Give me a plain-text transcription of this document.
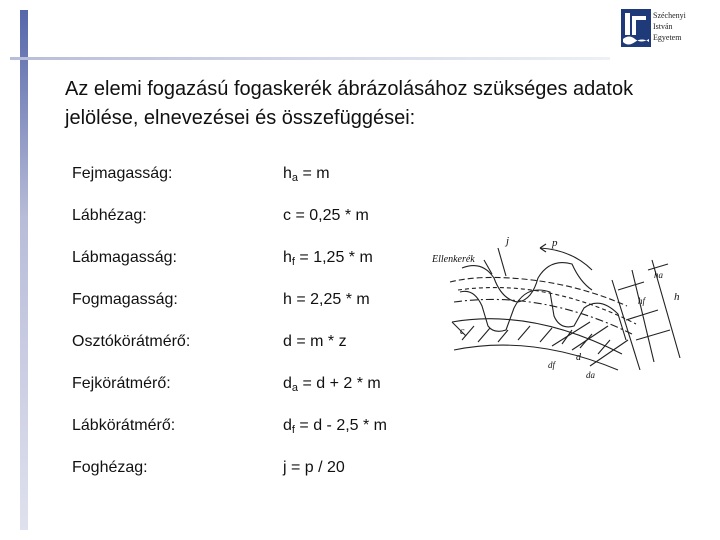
Széchenyi
István
Egyetem

Az elemi fogazású fogaskerék ábrázolásához szükséges adatok jelölése, elnevezései és összefüggései:

Fejmagasság:	$h_a = m$
Lábhézag:	c = 0,25 * m
Lábmagasság:	$h_f = 1,25 * m$
Fogmagasság:	h = 2,25 * m
Osztókörátmérő:	d = m * z
Fejkörátmérő:	$d_a = d + 2 * m$
Lábkörátmérő:	$d_f = d - 2,5 * m$
Foghézag:	j = p / 20
Ellenkerék
j	p
ha
hf	h
c
df
d
da
